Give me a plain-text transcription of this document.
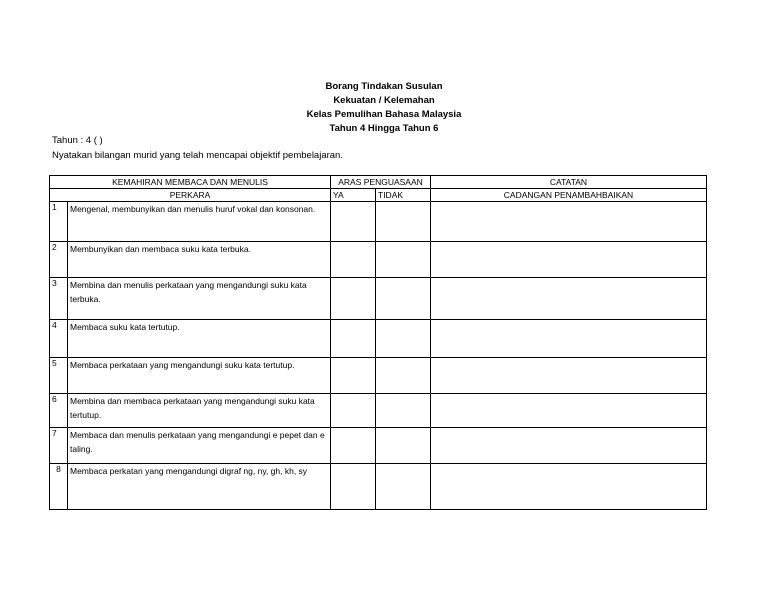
Borang Tindakan Susulan
Kekuatan / Kelemahan
Kelas Pemulihan Bahasa Malaysia
Tahun 4 Hingga Tahun 6
Tahun : 4 ( )
Nyatakan bilangan murid yang telah mencapai objektif pembelajaran.
KEMAHIRAN MEMBACA DAN MENULIS		ARAS PENGUASAAN		CATATAN
PERKARA		YA	TIDAK	CADANGAN PENAMBAHBAIKAN
1	Mengenal, membunyikan dan menulis huruf vokal dan konsonan.			
2	Membunyikan dan membaca suku kata terbuka.			
3	Membina dan menulis perkataan yang mengandungi suku kata terbuka.			
4	Membaca suku kata tertutup.			
5	Membaca perkataan yang mengandungi suku kata tertutup.			
6	Membina dan membaca perkataan yang mengandungi suku kata tertutup.			
7	Membaca dan menulis perkataan yang mengandungi e pepet dan e taling.			
8	Membaca perkatan yang mengandungi digraf ng, ny, gh, kh, sy			
